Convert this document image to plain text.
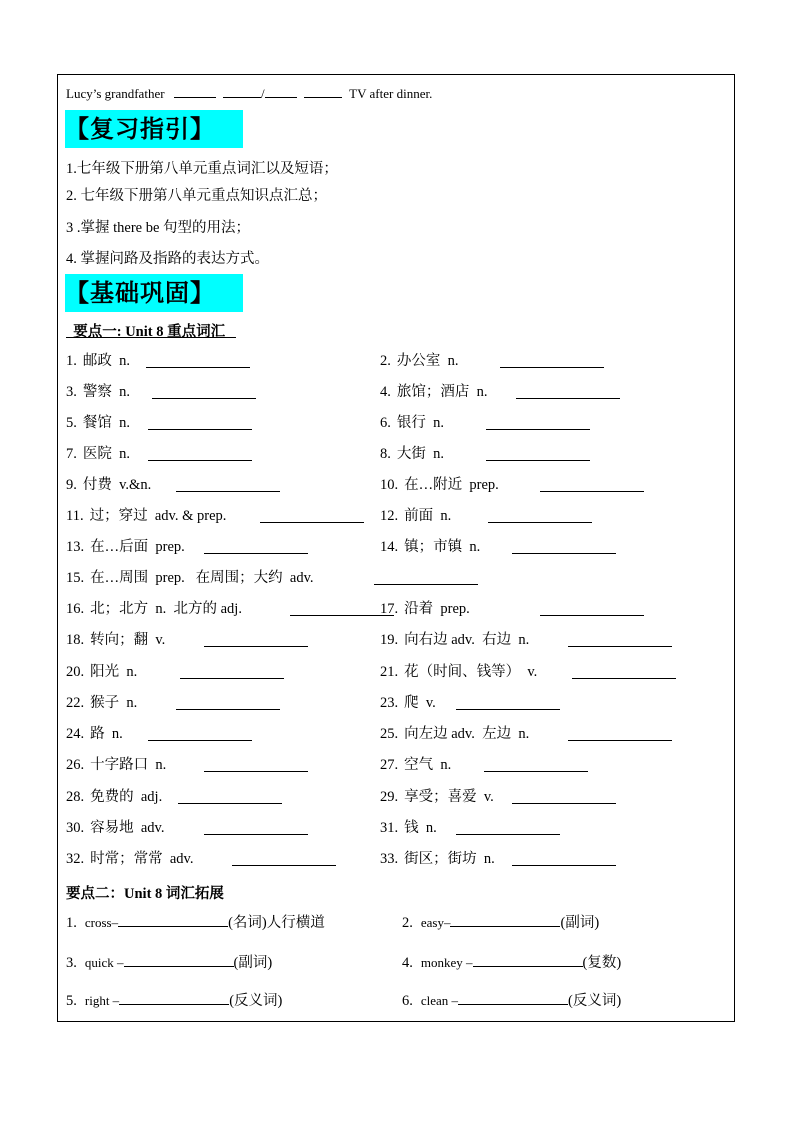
Lucy’s grandfather	/	TV after dinner.
【复习指引】
1.七年级下册第八单元重点词汇以及短语；
2. 七年级下册第八单元重点知识点汇总；
3 .掌握 there be 句型的用法；
4. 掌握问路及指路的表达方式。
【基础巩固】
要点一: Unit 8 重点词汇
1. 邮政  n.	2. 办公室  n.
3. 警察  n.	4. 旅馆；酒店  n.
5. 餐馆  n.	6. 银行  n.
7. 医院  n.	8. 大街  n.
9. 付费  v.&n.	10. 在…附近  prep.
11. 过；穿过  adv. & prep.	12. 前面  n.
13. 在…后面  prep.	14. 镇；市镇  n.
15. 在…周围  prep.   在周围；大约  adv.
16. 北；北方  n.  北方的 adj.	17. 沿着  prep.
18. 转向；翻  v.	19. 向右边 adv.  右边  n.
20. 阳光  n.	21. 花（时间、钱等）  v.
22. 猴子  n.	23. 爬  v.
24. 路  n.	25. 向左边 adv.  左边  n.
26. 十字路口  n.	27. 空气  n.
28. 免费的  adj.	29. 享受；喜爱  v.
30. 容易地  adv.	31. 钱  n.
32. 时常；常常  adv.	33. 街区；街坊  n.
要点二：Unit 8 词汇拓展
1. cross–	(名词)人行横道	2. easy–	(副词)
3. quick –	(副词)	4. monkey –	(复数)
5. right –	(反义词)	6. clean –	(反义词)
